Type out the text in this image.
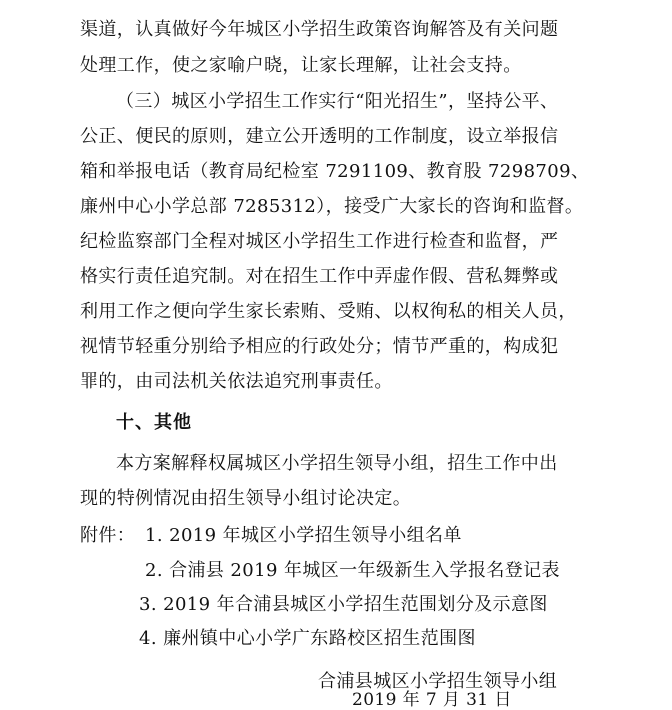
渠道，认真做好今年城区小学招生政策咨询解答及有关问题
处理工作，使之家喻户晓，让家长理解，让社会支持。
（三）城区小学招生工作实行“阳光招生”，坚持公平、
公正、便民的原则，建立公开透明的工作制度，设立举报信
箱和举报电话（教育局纪检室 7291109、教育股 7298709、
廉州中心小学总部 7285312），接受广大家长的咨询和监督。
纪检监察部门全程对城区小学招生工作进行检查和监督，严
格实行责任追究制。对在招生工作中弄虚作假、营私舞弊或
利用工作之便向学生家长索贿、受贿、以权徇私的相关人员，
视情节轻重分别给予相应的行政处分；情节严重的，构成犯
罪的，由司法机关依法追究刑事责任。
十、其他
本方案解释权属城区小学招生领导小组，招生工作中出
现的特例情况由招生领导小组讨论决定。
附件： 1. 2019 年城区小学招生领导小组名单
2. 合浦县 2019 年城区一年级新生入学报名登记表
3. 2019 年合浦县城区小学招生范围划分及示意图
4. 廉州镇中心小学广东路校区招生范围图
合浦县城区小学招生领导小组
2019 年 7 月 31 日
